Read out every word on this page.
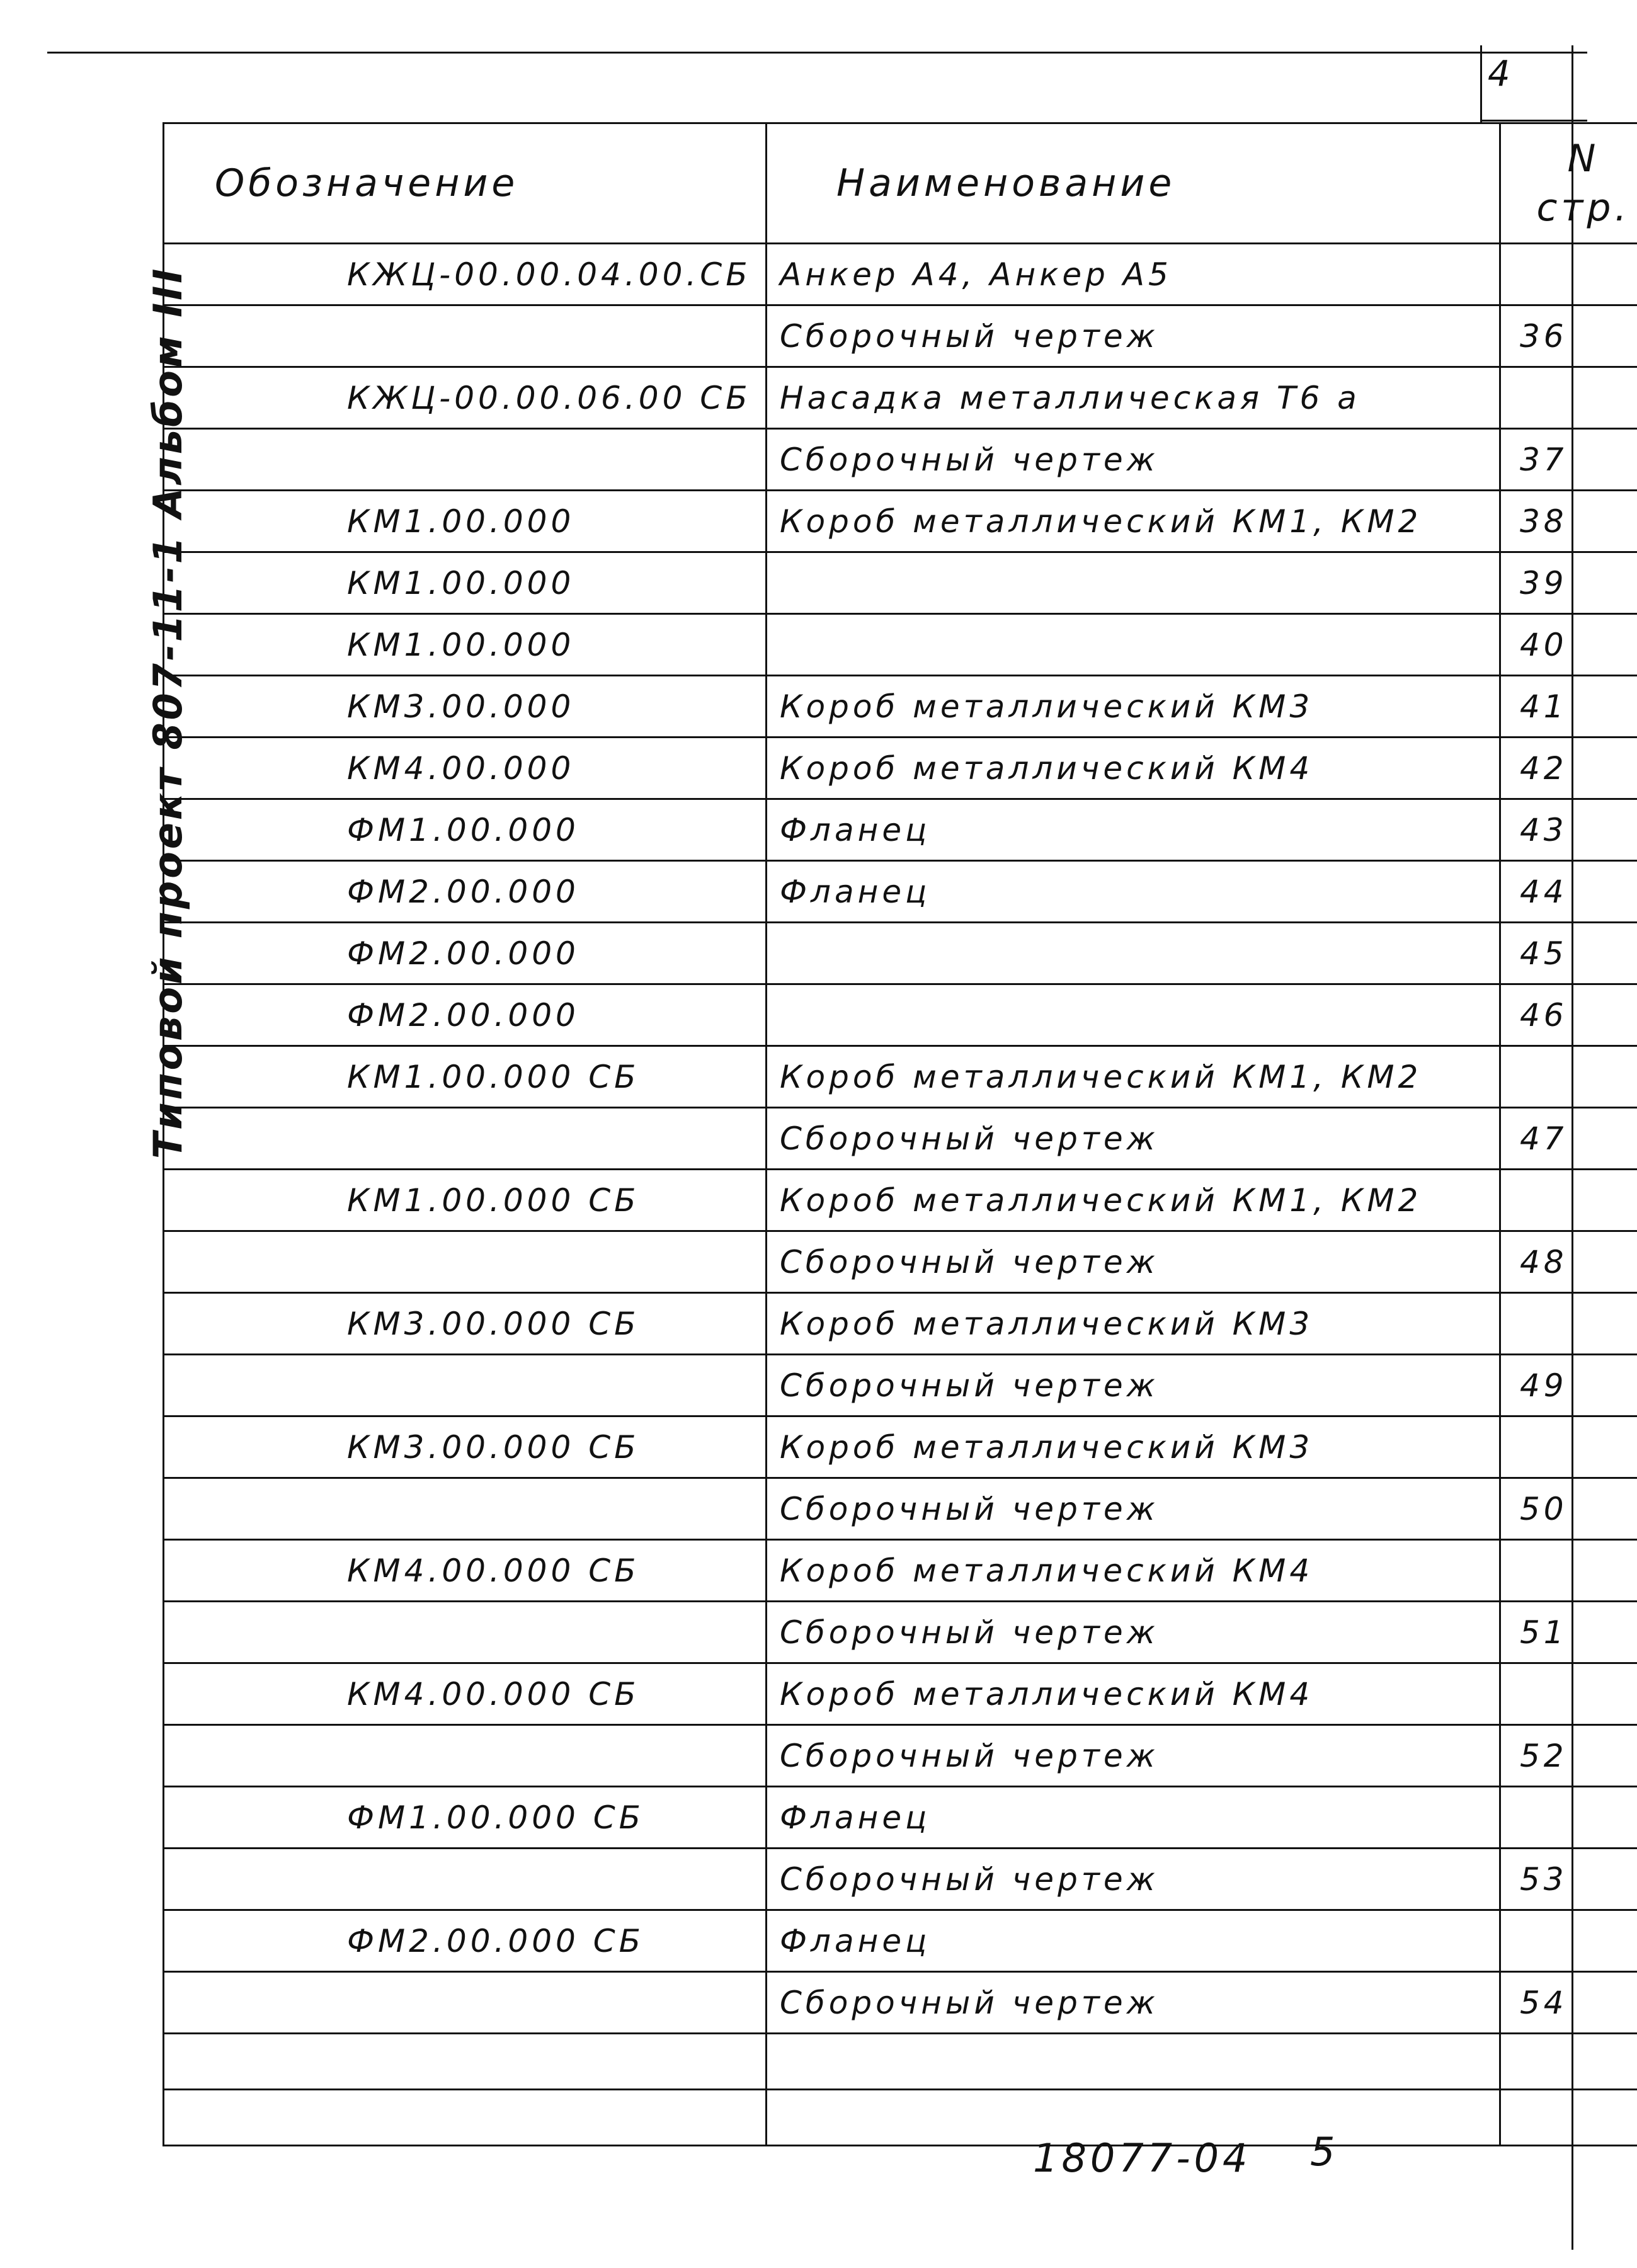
4
Типовой проект 807-11-1 Альбом III
Обозначение	Наименование	N
стр.
КЖЦ-00.00.04.00.СБ	Анкер А4, Анкер А5	
	Сборочный чертеж	36
КЖЦ-00.00.06.00 СБ	Насадка металлическая Т6 а	
	Сборочный чертеж	37
КМ1.00.000	Короб металлический КМ1, КМ2	38
КМ1.00.000		39
КМ1.00.000		40
КМ3.00.000	Короб металлический КМ3	41
КМ4.00.000	Короб металлический КМ4	42
ФМ1.00.000	Фланец	43
ФМ2.00.000	Фланец	44
ФМ2.00.000		45
ФМ2.00.000		46
КМ1.00.000 СБ	Короб металлический КМ1, КМ2	
	Сборочный чертеж	47
КМ1.00.000 СБ	Короб металлический КМ1, КМ2	
	Сборочный чертеж	48
КМ3.00.000 СБ	Короб металлический КМ3	
	Сборочный чертеж	49
КМ3.00.000 СБ	Короб металлический КМ3	
	Сборочный чертеж	50
КМ4.00.000 СБ	Короб металлический КМ4	
	Сборочный чертеж	51
КМ4.00.000 СБ	Короб металлический КМ4	
	Сборочный чертеж	52
ФМ1.00.000 СБ	Фланец	
	Сборочный чертеж	53
ФМ2.00.000 СБ	Фланец	
	Сборочный чертеж	54

18077-04 5
